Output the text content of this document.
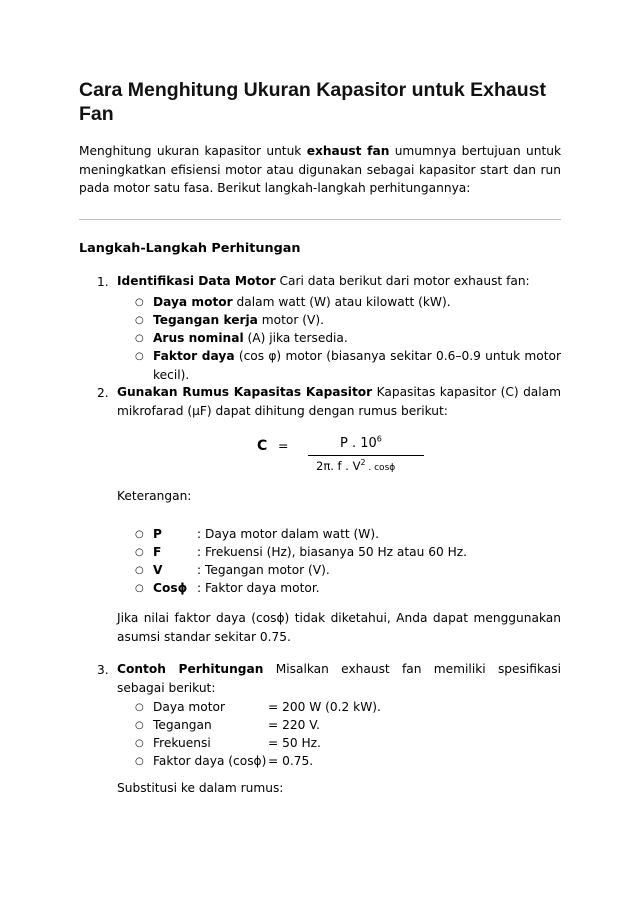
Cara Menghitung Ukuran Kapasitor untuk Exhaust Fan
Menghitung ukuran kapasitor untuk exhaust fan umumnya bertujuan untuk meningkatkan efisiensi motor atau digunakan sebagai kapasitor start dan run pada motor satu fasa. Berikut langkah-langkah perhitungannya:
Langkah-Langkah Perhitungan
1. Identifikasi Data Motor Cari data berikut dari motor exhaust fan:
○ Daya motor dalam watt (W) atau kilowatt (kW).
○ Tegangan kerja motor (V).
○ Arus nominal (A) jika tersedia.
○ Faktor daya (cos φ) motor (biasanya sekitar 0.6–0.9 untuk motor kecil).
2. Gunakan Rumus Kapasitas Kapasitor Kapasitas kapasitor (C) dalam mikrofarad (μF) dapat dihitung dengan rumus berikut:
C =	P . $10^6$
2π. f . $V^2$ . cosϕ
Keterangan:
○ P	: Daya motor dalam watt (W).
○ F	: Frekuensi (Hz), biasanya 50 Hz atau 60 Hz.
○ V	: Tegangan motor (V).
○ Cosϕ : Faktor daya motor.
Jika nilai faktor daya (cosϕ) tidak diketahui, Anda dapat menggunakan asumsi standar sekitar 0.75.
3. Contoh Perhitungan Misalkan exhaust fan memiliki spesifikasi sebagai berikut:
○ Daya motor	= 200 W (0.2 kW).
○ Tegangan	= 220 V.
○ Frekuensi	= 50 Hz.
○ Faktor daya (cosϕ) = 0.75.
Substitusi ke dalam rumus:
